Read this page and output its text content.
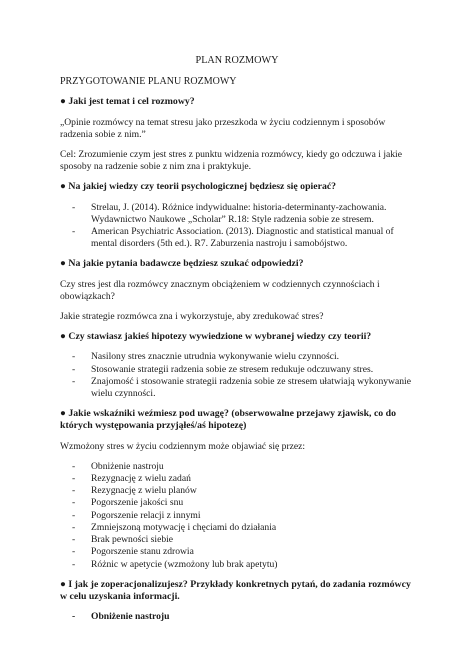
PLAN ROZMOWY
PRZYGOTOWANIE PLANU ROZMOWY
● Jaki jest temat i cel rozmowy?
„Opinie rozmówcy na temat stresu jako przeszkoda w życiu codziennym i sposobów radzenia sobie z nim.”
Cel: Zrozumienie czym jest stres z punktu widzenia rozmówcy, kiedy go odczuwa i jakie sposoby na radzenie sobie z nim zna i praktykuje.
● Na jakiej wiedzy czy teorii psychologicznej będziesz się opierać?
- Strelau, J. (2014). Różnice indywidualne: historia-determinanty-zachowania. Wydawnictwo Naukowe „Scholar” R.18: Style radzenia sobie ze stresem.
- American Psychiatric Association. (2013). Diagnostic and statistical manual of mental disorders (5th ed.). R7. Zaburzenia nastroju i samobójstwo.
● Na jakie pytania badawcze będziesz szukać odpowiedzi?
Czy stres jest dla rozmówcy znacznym obciążeniem w codziennych czynnościach i obowiązkach?
Jakie strategie rozmówca zna i wykorzystuje, aby zredukować stres?
● Czy stawiasz jakieś hipotezy wywiedzione w wybranej wiedzy czy teorii?
- Nasilony stres znacznie utrudnia wykonywanie wielu czynności.
- Stosowanie strategii radzenia sobie ze stresem redukuje odczuwany stres.
- Znajomość i stosowanie strategii radzenia sobie ze stresem ułatwiają wykonywanie wielu czynności.
● Jakie wskaźniki weźmiesz pod uwagę? (obserwowalne przejawy zjawisk, co do których występowania przyjąłeś/aś hipotezę)
Wzmożony stres w życiu codziennym może objawiać się przez:
- Obniżenie nastroju
- Rezygnację z wielu zadań
- Rezygnację z wielu planów
- Pogorszenie jakości snu
- Pogorszenie relacji z innymi
- Zmniejszoną motywację i chęciami do działania
- Brak pewności siebie
- Pogorszenie stanu zdrowia
- Różnic w apetycie (wzmożony lub brak apetytu)
● I jak je zoperacjonalizujesz? Przykłady konkretnych pytań, do zadania rozmówcy w celu uzyskania informacji.
- Obniżenie nastroju
